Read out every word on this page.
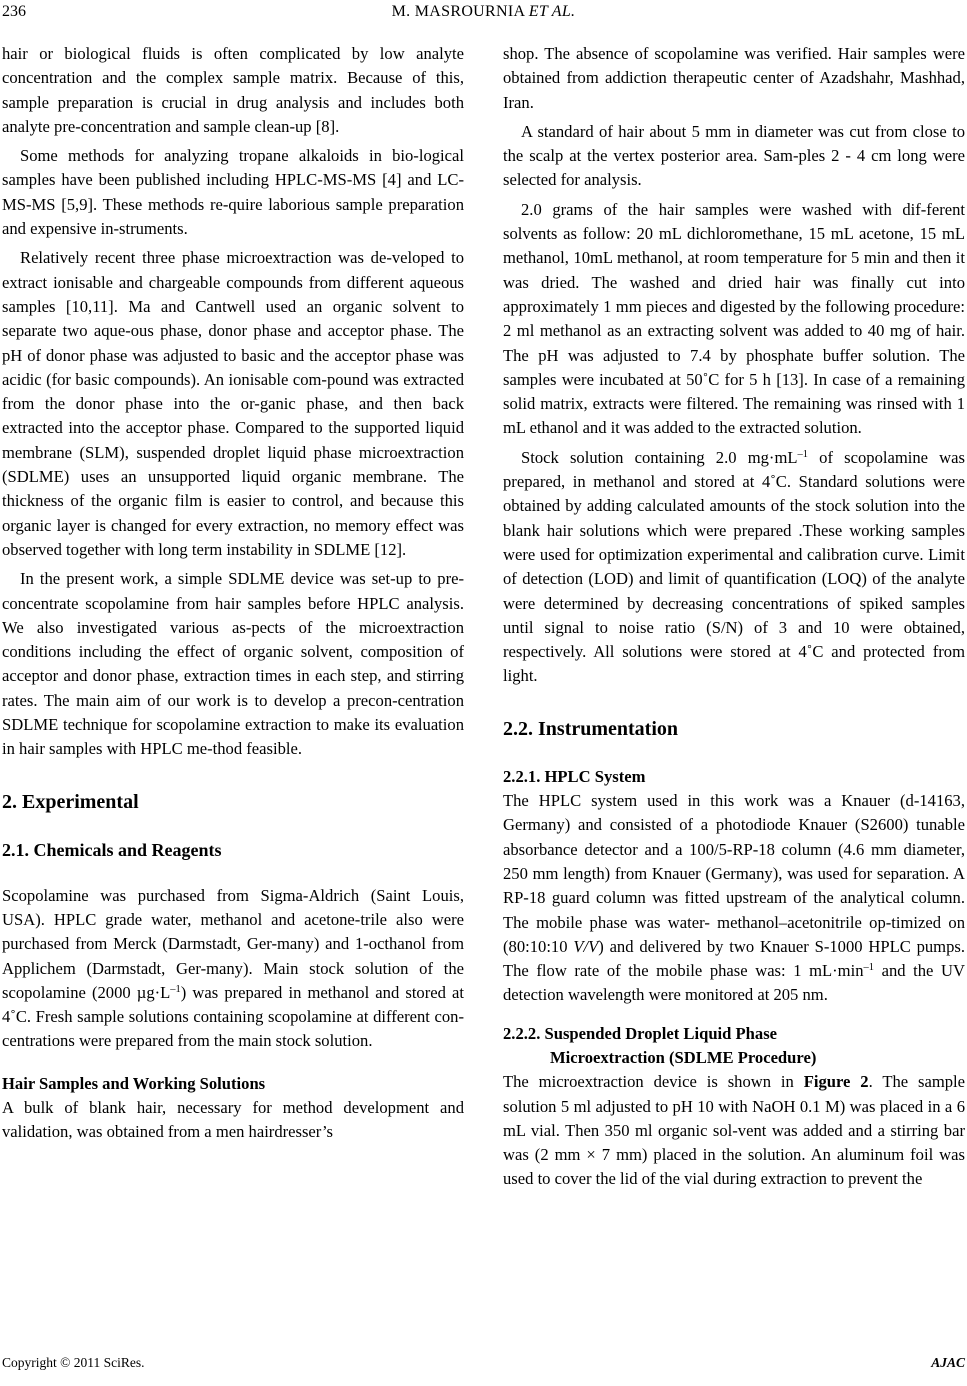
236	M. MASROURNIA ET AL.

hair or biological fluids is often complicated by low analyte concentration and the complex sample matrix. Because of this, sample preparation is crucial in drug analysis and includes both analyte pre-concentration and sample clean-up [8].

Some methods for analyzing tropane alkaloids in bio-logical samples have been published including HPLC-MS-MS [4] and LC-MS-MS [5,9]. These methods re-quire laborious sample preparation and expensive in-struments.

Relatively recent three phase microextraction was de-veloped to extract ionisable and chargeable compounds from different aqueous samples [10,11]. Ma and Cantwell used an organic solvent to separate two aque-ous phase, donor phase and acceptor phase. The pH of donor phase was adjusted to basic and the acceptor phase was acidic (for basic compounds). An ionisable com-pound was extracted from the donor phase into the or-ganic phase, and then back extracted into the acceptor phase. Compared to the supported liquid membrane (SLM), suspended droplet liquid phase microextraction (SDLME) uses an unsupported liquid organic membrane. The thickness of the organic film is easier to control, and because this organic layer is changed for every extraction, no memory effect was observed together with long term instability in SDLME [12].

In the present work, a simple SDLME device was set-up to pre-concentrate scopolamine from hair samples before HPLC analysis. We also investigated various as-pects of the microextraction conditions including the effect of organic solvent, composition of acceptor and donor phase, extraction times in each step, and stirring rates. The main aim of our work is to develop a precon-centration SDLME technique for scopolamine extraction to make its evaluation in hair samples with HPLC me-thod feasible.

2. Experimental
2.1. Chemicals and Reagents

Scopolamine was purchased from Sigma-Aldrich (Saint Louis, USA). HPLC grade water, methanol and acetone-trile also were purchased from Merck (Darmstadt, Ger-many) and 1-octhanol from Applichem (Darmstadt, Ger-many). Main stock solution of the scopolamine (2000 $\mu g\cdot L^{-1}$) was prepared in methanol and stored at 4˚C. Fresh sample solutions containing scopolamine at different con-centrations were prepared from the main stock solution.

Hair Samples and Working Solutions

A bulk of blank hair, necessary for method development and validation, was obtained from a men hairdresser’s

shop. The absence of scopolamine was verified. Hair samples were obtained from addiction therapeutic center of Azadshahr, Mashhad, Iran.

A standard of hair about 5 mm in diameter was cut from close to the scalp at the vertex posterior area. Sam-ples 2 - 4 cm long were selected for analysis.

2.0 grams of the hair samples were washed with dif-ferent solvents as follow: 20 mL dichloromethane, 15 mL acetone, 15 mL methanol, 10mL methanol, at room temperature for 5 min and then it was dried. The washed and dried hair was finally cut into approximately 1 mm pieces and digested by the following procedure: 2 ml methanol as an extracting solvent was added to 40 mg of hair. The pH was adjusted to 7.4 by phosphate buffer solution. The samples were incubated at 50˚C for 5 h [13]. In case of a remaining solid matrix, extracts were filtered. The remaining was rinsed with 1 mL ethanol and it was added to the extracted solution.

Stock solution containing 2.0 $mg\cdot mL^{-1}$ of scopolamine was prepared, in methanol and stored at 4˚C. Standard solutions were obtained by adding calculated amounts of the stock solution into the blank hair solutions which were prepared .These working samples were used for optimization experimental and calibration curve. Limit of detection (LOD) and limit of quantification (LOQ) of the analyte were determined by decreasing concentrations of spiked samples until signal to noise ratio (S/N) of 3 and 10 were obtained, respectively. All solutions were stored at 4˚C and protected from light.

2.2. Instrumentation
2.2.1. HPLC System

The HPLC system used in this work was a Knauer (d-14163, Germany) and consisted of a photodiode Knauer (S2600) tunable absorbance detector and a 100/5-RP-18 column (4.6 mm diameter, 250 mm length) from Knauer (Germany), was used for separation. A RP-18 guard column was fitted upstream of the analytical column. The mobile phase was water- methanol–acetonitrile op-timized on (80:10:10 V/V) and delivered by two Knauer S-1000 HPLC pumps. The flow rate of the mobile phase was: 1 $mL\cdot\min^{-1}$ and the UV detection wavelength were monitored at 205 nm.

2.2.2. Suspended Droplet Liquid Phase
Microextraction (SDLME Procedure)

The microextraction device is shown in Figure 2. The sample solution 5 ml adjusted to pH 10 with NaOH 0.1 M) was placed in a 6 mL vial. Then 350 ml organic sol-vent was added and a stirring bar was (2 mm × 7 mm) placed in the solution. An aluminum foil was used to cover the lid of the vial during extraction to prevent the

Copyright © 2011 SciRes.	AJAC
